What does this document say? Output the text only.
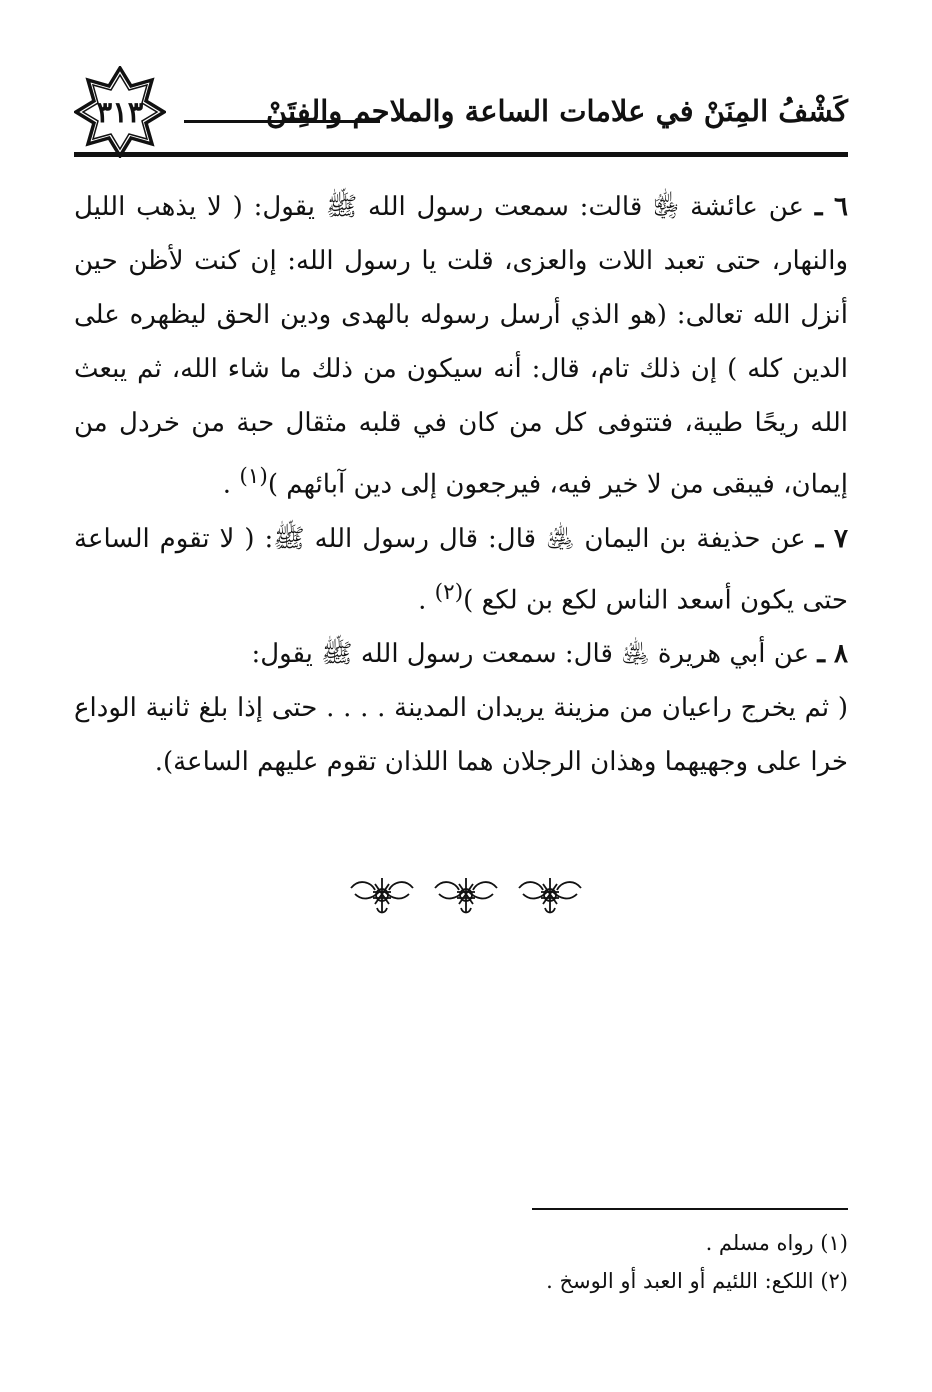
كَشْفُ المِنَنْ في علامات الساعة والملاحم والفِتَنْ
٣١٣

٦ ـ عن عائشة ﵂ قالت: سمعت رسول الله ﷺ يقول: ( لا يذهب الليل والنهار، حتى تعبد اللات والعزى، قلت يا رسول الله: إن كنت لأظن حين أنزل الله تعالى: (هو الذي أرسل رسوله بالهدى ودين الحق ليظهره على الدين كله ) إن ذلك تام، قال: أنه سيكون من ذلك ما شاء الله، ثم يبعث الله ريحًا طيبة، فتتوفى كل من كان في قلبه مثقال حبة من خردل من إيمان، فيبقى من لا خير فيه، فيرجعون إلى دين آبائهم )$^{(١)}$ .

٧ ـ عن حذيفة بن اليمان ﵁ قال: قال رسول الله ﷺ: ( لا تقوم الساعة حتى يكون أسعد الناس لكع بن لكع )$^{(٢)}$ .

٨ ـ عن أبي هريرة ﵁ قال: سمعت رسول الله ﷺ يقول:

( ثم يخرج راعيان من مزينة يريدان المدينة . . . . حتى إذا بلغ ثانية الوداع خرا على وجهيهما وهذان الرجلان هما اللذان تقوم عليهم الساعة).

(١) رواه مسلم .

(٢) اللكع: اللئيم أو العبد أو الوسخ .
